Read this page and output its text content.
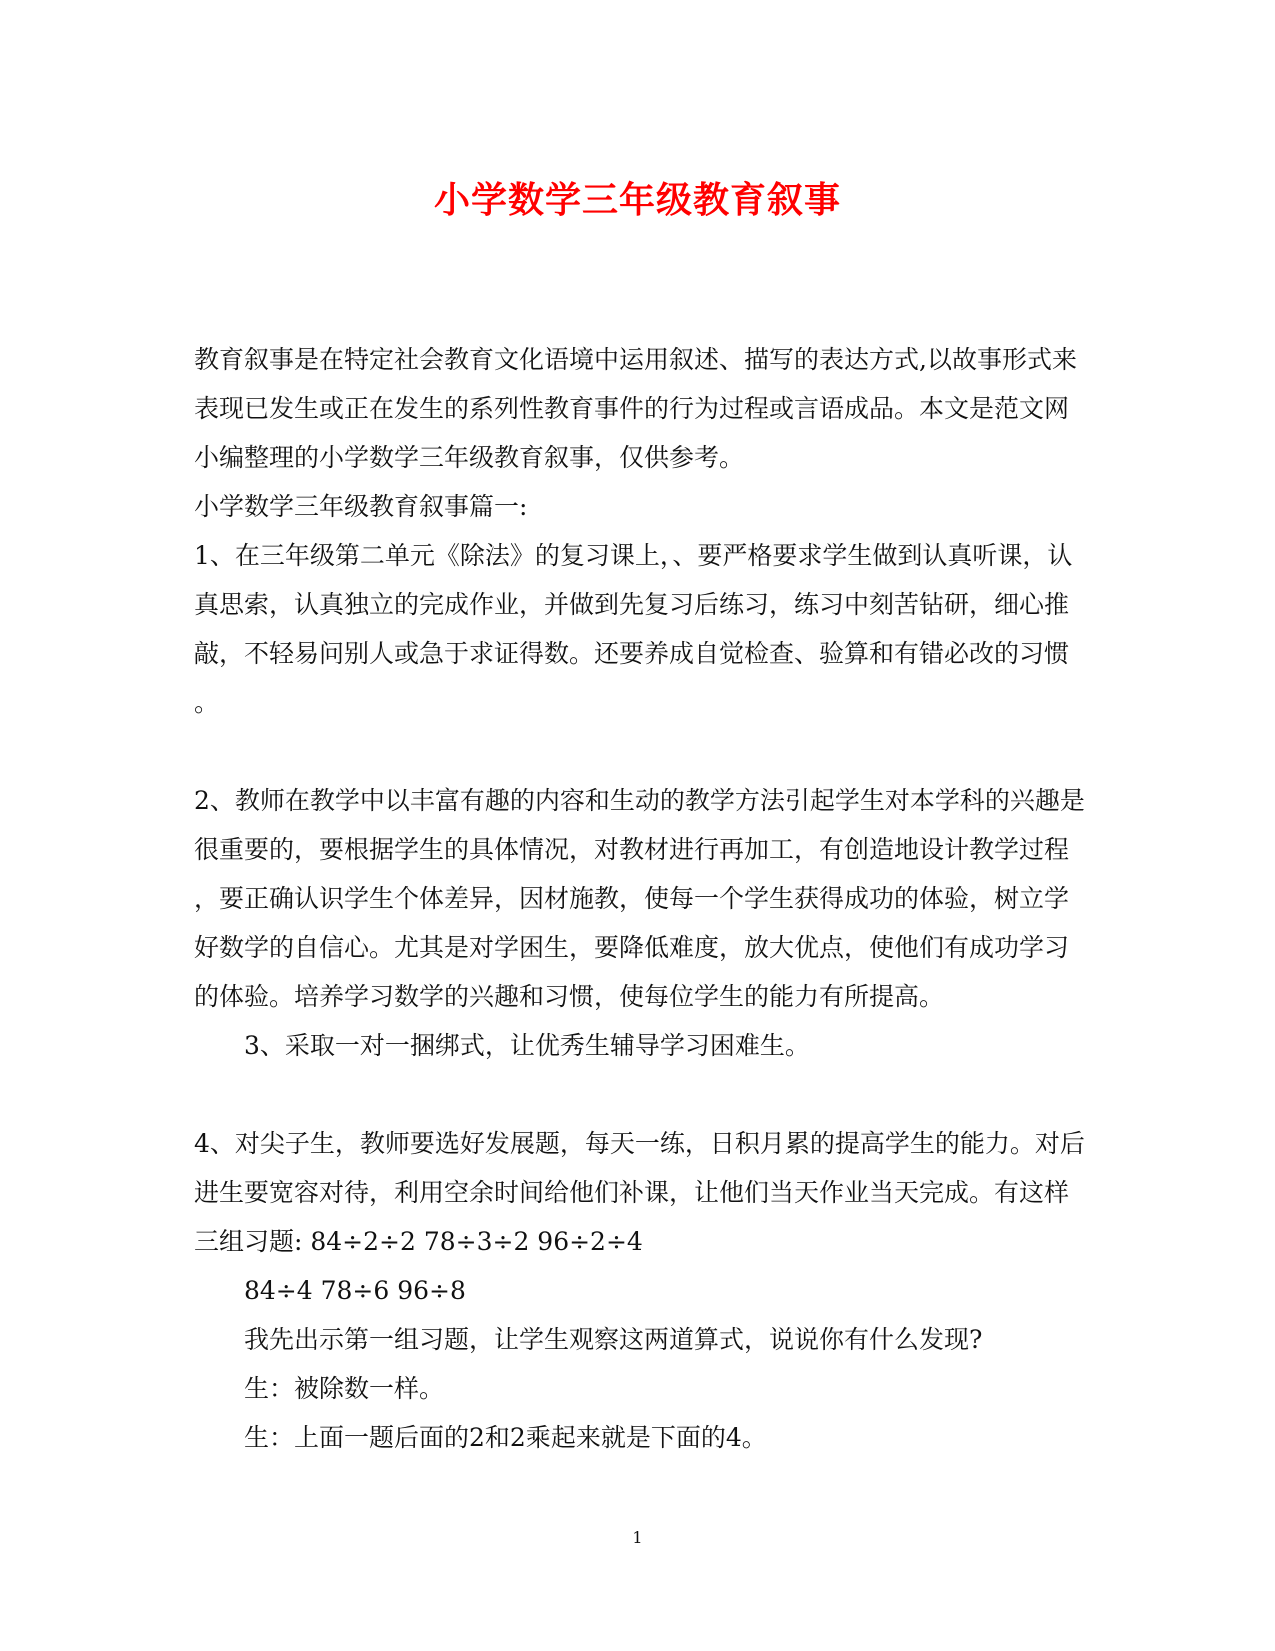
小学数学三年级教育叙事

教育叙事是在特定社会教育文化语境中运用叙述、描写的表达方式,以故事形式来

表现已发生或正在发生的系列性教育事件的行为过程或言语成品。本文是范文网

小编整理的小学数学三年级教育叙事，仅供参考。

小学数学三年级教育叙事篇一:

1、在三年级第二单元《除法》的复习课上，、要严格要求学生做到认真听课，认

真思索，认真独立的完成作业，并做到先复习后练习，练习中刻苦钻研，细心推

敲，不轻易问别人或急于求证得数。还要养成自觉检查、验算和有错必改的习惯

。

2、教师在教学中以丰富有趣的内容和生动的教学方法引起学生对本学科的兴趣是

很重要的，要根据学生的具体情况，对教材进行再加工，有创造地设计教学过程

，要正确认识学生个体差异，因材施教，使每一个学生获得成功的体验，树立学

好数学的自信心。尤其是对学困生，要降低难度，放大优点，使他们有成功学习

的体验。培养学习数学的兴趣和习惯，使每位学生的能力有所提高。

3、采取一对一捆绑式，让优秀生辅导学习困难生。

4、对尖子生，教师要选好发展题，每天一练，日积月累的提高学生的能力。对后

进生要宽容对待，利用空余时间给他们补课，让他们当天作业当天完成。有这样

三组习题: 84÷2÷2 78÷3÷2 96÷2÷4

84÷4 78÷6 96÷8

我先出示第一组习题，让学生观察这两道算式，说说你有什么发现?

生：被除数一样。

生：上面一题后面的2和2乘起来就是下面的4。

1
